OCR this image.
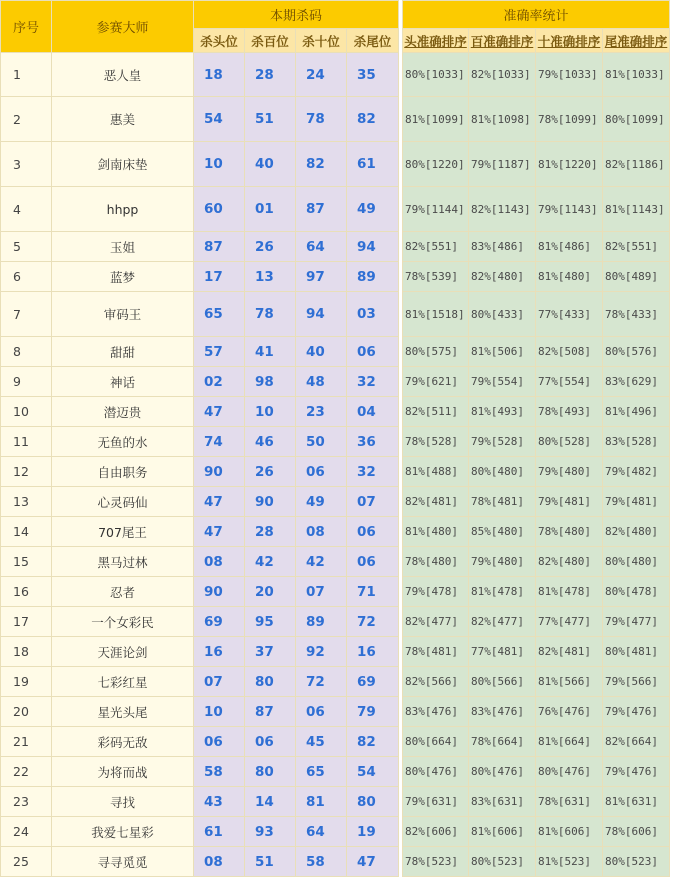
序号	参赛大师	本期杀码					准确率统计				
		杀头位	杀百位	杀十位	杀尾位		头准确排序	百准确排序	十准确排序	尾准确排序	
1	恶人皇	18	28	24	35		80%[1033]	82%[1033]	79%[1033]	81%[1033]	
2	惠美	54	51	78	82		81%[1099]	81%[1098]	78%[1099]	80%[1099]	
3	剑南床垫	10	40	82	61		80%[1220]	79%[1187]	81%[1220]	82%[1186]	
4	hhpp	60	01	87	49		79%[1144]	82%[1143]	79%[1143]	81%[1143]	
5	玉姐	87	26	64	94		82%[551]	83%[486]	81%[486]	82%[551]	
6	蓝梦	17	13	97	89		78%[539]	82%[480]	81%[480]	80%[489]	
7	审码王	65	78	94	03		81%[1518]	80%[433]	77%[433]	78%[433]	
8	甜甜	57	41	40	06		80%[575]	81%[506]	82%[508]	80%[576]	
9	神话	02	98	48	32		79%[621]	79%[554]	77%[554]	83%[629]	
10	潜迈贵	47	10	23	04		82%[511]	81%[493]	78%[493]	81%[496]	
11	无鱼的水	74	46	50	36		78%[528]	79%[528]	80%[528]	83%[528]	
12	自由职务	90	26	06	32		81%[488]	80%[480]	79%[480]	79%[482]	
13	心灵码仙	47	90	49	07		82%[481]	78%[481]	79%[481]	79%[481]	
14	707尾王	47	28	08	06		81%[480]	85%[480]	78%[480]	82%[480]	
15	黑马过林	08	42	42	06		78%[480]	79%[480]	82%[480]	80%[480]	
16	忍者	90	20	07	71		79%[478]	81%[478]	81%[478]	80%[478]	
17	一个女彩民	69	95	89	72		82%[477]	82%[477]	77%[477]	79%[477]	
18	天涯论剑	16	37	92	16		78%[481]	77%[481]	82%[481]	80%[481]	
19	七彩红星	07	80	72	69		82%[566]	80%[566]	81%[566]	79%[566]	
20	星光头尾	10	87	06	79		83%[476]	83%[476]	76%[476]	79%[476]	
21	彩码无敌	06	06	45	82		80%[664]	78%[664]	81%[664]	82%[664]	
22	为将而战	58	80	65	54		80%[476]	80%[476]	80%[476]	79%[476]	
23	寻找	43	14	81	80		79%[631]	83%[631]	78%[631]	81%[631]	
24	我爱七星彩	61	93	64	19		82%[606]	81%[606]	81%[606]	78%[606]	
25	寻寻觅觅	08	51	58	47		78%[523]	80%[523]	81%[523]	80%[523]	
